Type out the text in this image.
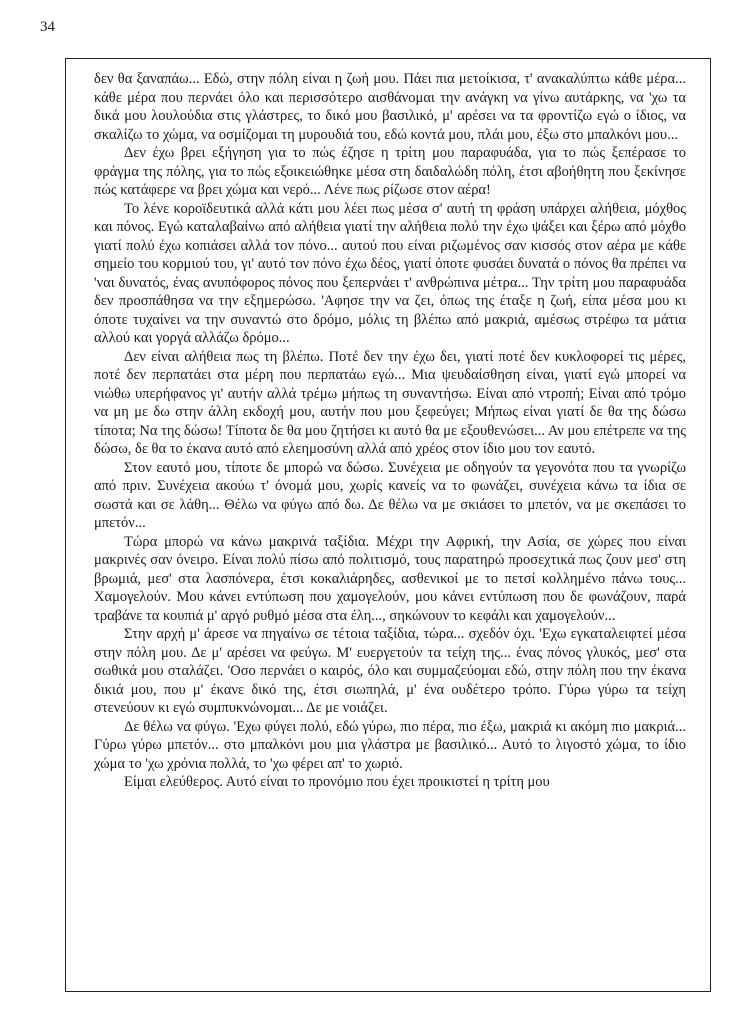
34

δεν θα ξαναπάω... Εδώ, στην πόλη είναι η ζωή μου. Πάει πια μετοίκισα, τ' ανακαλύπτω κάθε μέρα... κάθε μέρα που περνάει όλο και περισσότερο αισθάνομαι την ανάγκη να γίνω αυτάρκης, να 'χω τα δικά μου λουλούδια στις γλάστρες, το δικό μου βασιλικό, μ' αρέσει να τα φροντίζω εγώ ο ίδιος, να σκαλίζω το χώμα, να οσμίζομαι τη μυρουδιά του, εδώ κοντά μου, πλάι μου, έξω στο μπαλκόνι μου...

Δεν έχω βρει εξήγηση για το πώς έζησε η τρίτη μου παραφυάδα, για το πώς ξεπέρασε το φράγμα της πόλης, για το πώς εξοικειώθηκε μέσα στη δαιδαλώδη πόλη, έτσι αβοήθητη που ξεκίνησε πώς κατάφερε να βρει χώμα και νερό... Λένε πως ρίζωσε στον αέρα!

Το λένε κοροϊδευτικά αλλά κάτι μου λέει πως μέσα σ' αυτή τη φράση υπάρχει αλήθεια, μόχθος και πόνος. Εγώ καταλαβαίνω από αλήθεια γιατί την αλήθεια πολύ την έχω ψάξει και ξέρω από μόχθο γιατί πολύ έχω κοπιάσει αλλά τον πόνο... αυτού που είναι ριζωμένος σαν κισσός στον αέρα με κάθε σημείο του κορμιού του, γι' αυτό τον πόνο έχω δέος, γιατί όποτε φυσάει δυνατά ο πόνος θα πρέπει να 'ναι δυνατός, ένας ανυπόφορος πόνος που ξεπερνάει τ' ανθρώπινα μέτρα... Την τρίτη μου παραφυάδα δεν προσπάθησα να την εξημερώσω. 'Αφησε την να ζει, όπως της έταξε η ζωή, είπα μέσα μου κι όποτε τυχαίνει να την συναντώ στο δρόμο, μόλις τη βλέπω από μακριά, αμέσως στρέφω τα μάτια αλλού και γοργά αλλάζω δρόμο...

Δεν είναι αλήθεια πως τη βλέπω. Ποτέ δεν την έχω δει, γιατί ποτέ δεν κυκλοφορεί τις μέρες, ποτέ δεν περπατάει στα μέρη που περπατάω εγώ... Μια ψευδαίσθηση είναι, γιατί εγώ μπορεί να νιώθω υπερήφανος γι' αυτήν αλλά τρέμω μήπως τη συναντήσω. Είναι από ντροπή; Είναι από τρόμο να μη με δω στην άλλη εκδοχή μου, αυτήν που μου ξεφεύγει; Μήπως είναι γιατί δε θα της δώσω τίποτα; Να της δώσω! Τίποτα δε θα μου ζητήσει κι αυτό θα με εξουθενώσει... Αν μου επέτρεπε να της δώσω, δε θα το έκανα αυτό από ελεημοσύνη αλλά από χρέος στον ίδιο μου τον εαυτό.

Στον εαυτό μου, τίποτε δε μπορώ να δώσω. Συνέχεια με οδηγούν τα γεγονότα που τα γνωρίζω από πριν. Συνέχεια ακούω τ' όνομά μου, χωρίς κανείς να το φωνάζει, συνέχεια κάνω τα ίδια σε σωστά και σε λάθη... Θέλω να φύγω από δω. Δε θέλω να με σκιάσει το μπετόν, να με σκεπάσει το μπετόν...

Τώρα μπορώ να κάνω μακρινά ταξίδια. Μέχρι την Αφρική, την Ασία, σε χώρες που είναι μακρινές σαν όνειρο. Είναι πολύ πίσω από πολιτισμό, τους παρατηρώ προσεχτικά πως ζουν μεσ' στη βρωμιά, μεσ' στα λασπόνερα, έτσι κοκαλιάρηδες, ασθενικοί με το πετσί κολλημένο πάνω τους... Χαμογελούν. Μου κάνει εντύπωση που χαμογελούν, μου κάνει εντύπωση που δε φωνάζουν, παρά τραβάνε τα κουπιά μ' αργό ρυθμό μέσα στα έλη..., σηκώνουν το κεφάλι και χαμογελούν...

Στην αρχή μ' άρεσε να πηγαίνω σε τέτοια ταξίδια, τώρα... σχεδόν όχι. 'Εχω εγκαταλειφτεί μέσα στην πόλη μου. Δε μ' αρέσει να φεύγω. Μ' ευεργετούν τα τείχη της... ένας πόνος γλυκός, μεσ' στα σωθικά μου σταλάζει. 'Οσο περνάει ο καιρός, όλο και συμμαζεύομαι εδώ, στην πόλη που την έκανα δικιά μου, που μ' έκανε δικό της, έτσι σιωπηλά, μ' ένα ουδέτερο τρόπο. Γύρω γύρω τα τείχη στενεύουν κι εγώ συμπυκνώνομαι... Δε με νοιάζει.

Δε θέλω να φύγω. 'Εχω φύγει πολύ, εδώ γύρω, πιο πέρα, πιο έξω, μακριά κι ακόμη πιο μακριά... Γύρω γύρω μπετόν... στο μπαλκόνι μου μια γλάστρα με βασιλικό... Αυτό το λιγοστό χώμα, το ίδιο χώμα το 'χω χρόνια πολλά, το 'χω φέρει απ' το χωριό.

Είμαι ελεύθερος. Αυτό είναι το προνόμιο που έχει προικιστεί η τρίτη μου
